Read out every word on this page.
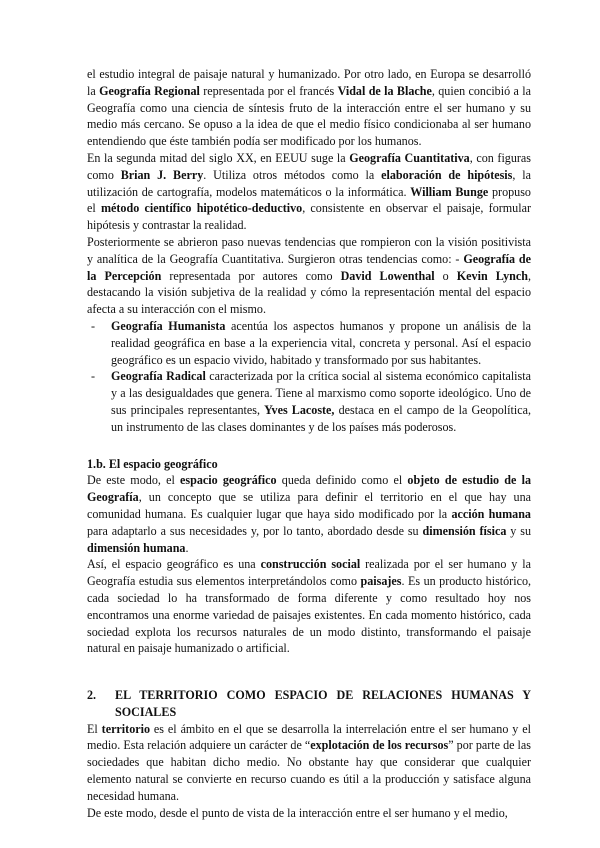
el estudio integral de paisaje natural y humanizado. Por otro lado, en Europa se desarrolló la Geografía Regional representada por el francés Vidal de la Blache, quien concibió a la Geografía como una ciencia de síntesis fruto de la interacción entre el ser humano y su medio más cercano. Se opuso a la idea de que el medio físico condicionaba al ser humano entendiendo que éste también podía ser modificado por los humanos.

En la segunda mitad del siglo XX, en EEUU suge la Geografía Cuantitativa, con figuras como Brian J. Berry. Utiliza otros métodos como la elaboración de hipótesis, la utilización de cartografía, modelos matemáticos o la informática. William Bunge propuso el método científico hipotético-deductivo, consistente en observar el paisaje, formular hipótesis y contrastar la realidad.

Posteriormente se abrieron paso nuevas tendencias que rompieron con la visión positivista y analítica de la Geografía Cuantitativa. Surgieron otras tendencias como: - Geografía de la Percepción representada por autores como David Lowenthal o Kevin Lynch, destacando la visión subjetiva de la realidad y cómo la representación mental del espacio afecta a su interacción con el mismo.

- Geografía Humanista acentúa los aspectos humanos y propone un análisis de la realidad geográfica en base a la experiencia vital, concreta y personal. Así el espacio geográfico es un espacio vivido, habitado y transformado por sus habitantes.
- Geografía Radical caracterizada por la crítica social al sistema económico capitalista y a las desigualdades que genera. Tiene al marxismo como soporte ideológico. Uno de sus principales representantes, Yves Lacoste, destaca en el campo de la Geopolítica, un instrumento de las clases dominantes y de los países más poderosos.

1.b. El espacio geográfico

De este modo, el espacio geográfico queda definido como el objeto de estudio de la Geografía, un concepto que se utiliza para definir el territorio en el que hay una comunidad humana. Es cualquier lugar que haya sido modificado por la acción humana para adaptarlo a sus necesidades y, por lo tanto, abordado desde su dimensión física y su dimensión humana.

Así, el espacio geográfico es una construcción social realizada por el ser humano y la Geografía estudia sus elementos interpretándolos como paisajes. Es un producto histórico, cada sociedad lo ha transformado de forma diferente y como resultado hoy nos encontramos una enorme variedad de paisajes existentes. En cada momento histórico, cada sociedad explota los recursos naturales de un modo distinto, transformando el paisaje natural en paisaje humanizado o artificial.

2.	EL TERRITORIO COMO ESPACIO DE RELACIONES HUMANAS Y SOCIALES

El territorio es el ámbito en el que se desarrolla la interrelación entre el ser humano y el medio. Esta relación adquiere un carácter de “explotación de los recursos” por parte de las sociedades que habitan dicho medio. No obstante hay que considerar que cualquier elemento natural se convierte en recurso cuando es útil a la producción y satisface alguna necesidad humana.

De este modo, desde el punto de vista de la interacción entre el ser humano y el medio,
